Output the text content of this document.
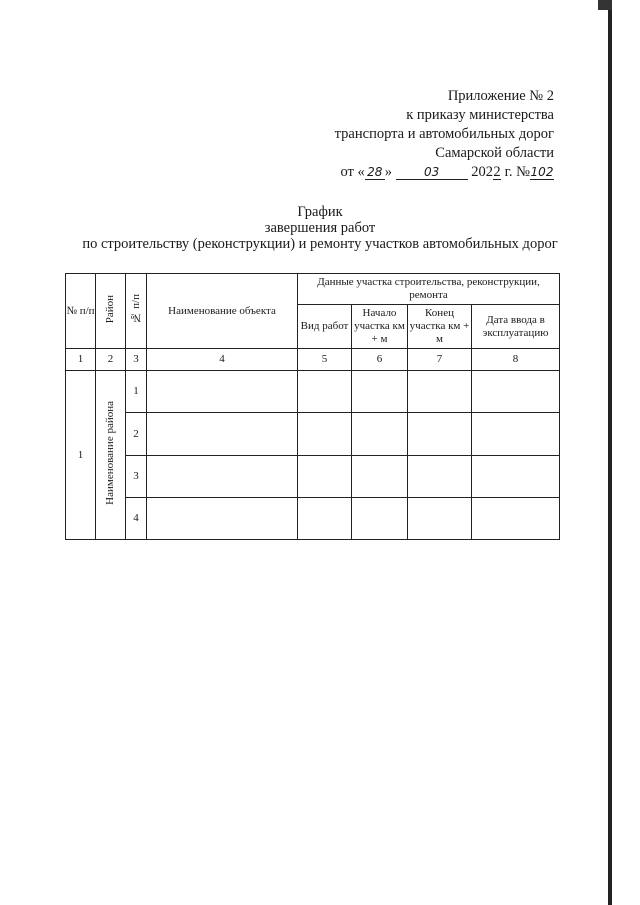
Приложение № 2
к приказу министерства
транспорта и автомобильных дорог
Самарской области
от « 28 »	03 2022 г. №102
График
завершения работ
по строительству (реконструкции) и ремонту участков автомобильных дорог
№ п/п	Район	№ п/п	Наименование объекта	Данные участка строительства, реконструкции, ремонта			
				Вид работ	Начало участка км + м	Конец участка км + м	Дата ввода в эксплуатацию
1	2	3	4	5	6	7	8
1	Наименование района	1					
		2					
		3					
		4					
